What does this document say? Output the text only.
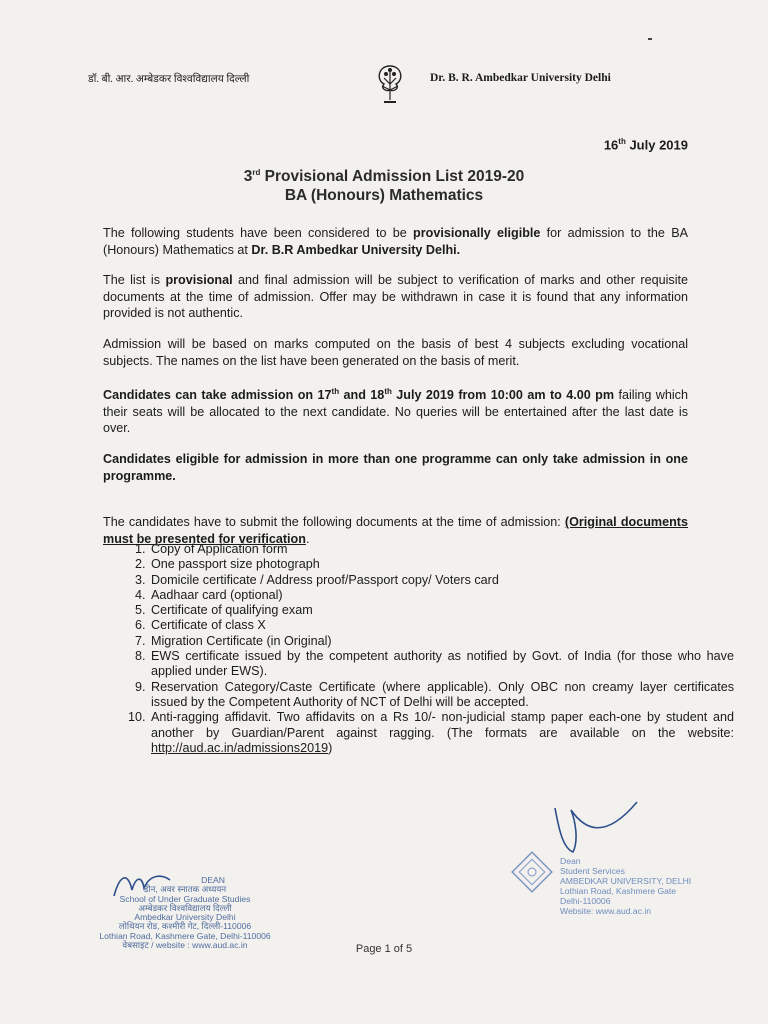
डॉ. बी. आर. अम्बेडकर विश्वविद्यालय दिल्ली	Dr. B. R. Ambedkar University Delhi
16th July 2019
3rd Provisional Admission List 2019-20
BA (Honours) Mathematics
The following students have been considered to be provisionally eligible for admission to the BA (Honours) Mathematics at Dr. B.R Ambedkar University Delhi.
The list is provisional and final admission will be subject to verification of marks and other requisite documents at the time of admission. Offer may be withdrawn in case it is found that any information provided is not authentic.
Admission will be based on marks computed on the basis of best 4 subjects excluding vocational subjects. The names on the list have been generated on the basis of merit.
Candidates can take admission on 17th and 18th July 2019 from 10:00 am to 4.00 pm failing which their seats will be allocated to the next candidate. No queries will be entertained after the last date is over.
Candidates eligible for admission in more than one programme can only take admission in one programme.
The candidates have to submit the following documents at the time of admission: (Original documents must be presented for verification.
1. Copy of Application form
2. One passport size photograph
3. Domicile certificate / Address proof/Passport copy/ Voters card
4. Aadhaar card (optional)
5. Certificate of qualifying exam
6. Certificate of class X
7. Migration Certificate (in Original)
8. EWS certificate issued by the competent authority as notified by Govt. of India (for those who have applied under EWS).
9. Reservation Category/Caste Certificate (where applicable). Only OBC non creamy layer certificates issued by the Competent Authority of NCT of Delhi will be accepted.
10. Anti-ragging affidavit. Two affidavits on a Rs 10/- non-judicial stamp paper each-one by student and another by Guardian/Parent against ragging. (The formats are available on the website: http://aud.ac.in/admissions2019)
Dean
Student Services
AMBEDKAR UNIVERSITY, DELHI
Lothian Road, Kashmere Gate
Delhi-110006
Website: www.aud.ac.in
DEAN
डीन, अवर स्नातक अध्ययन
School of Under Graduate Studies
अम्बेडकर विश्वविद्यालय दिल्ली
Ambedkar University Delhi
लोथियन रोड, कश्मीरी गेट, दिल्ली-110006
Lothian Road, Kashmere Gate, Delhi-110006
वेबसाइट / website : www.aud.ac.in	Page 1 of 5
